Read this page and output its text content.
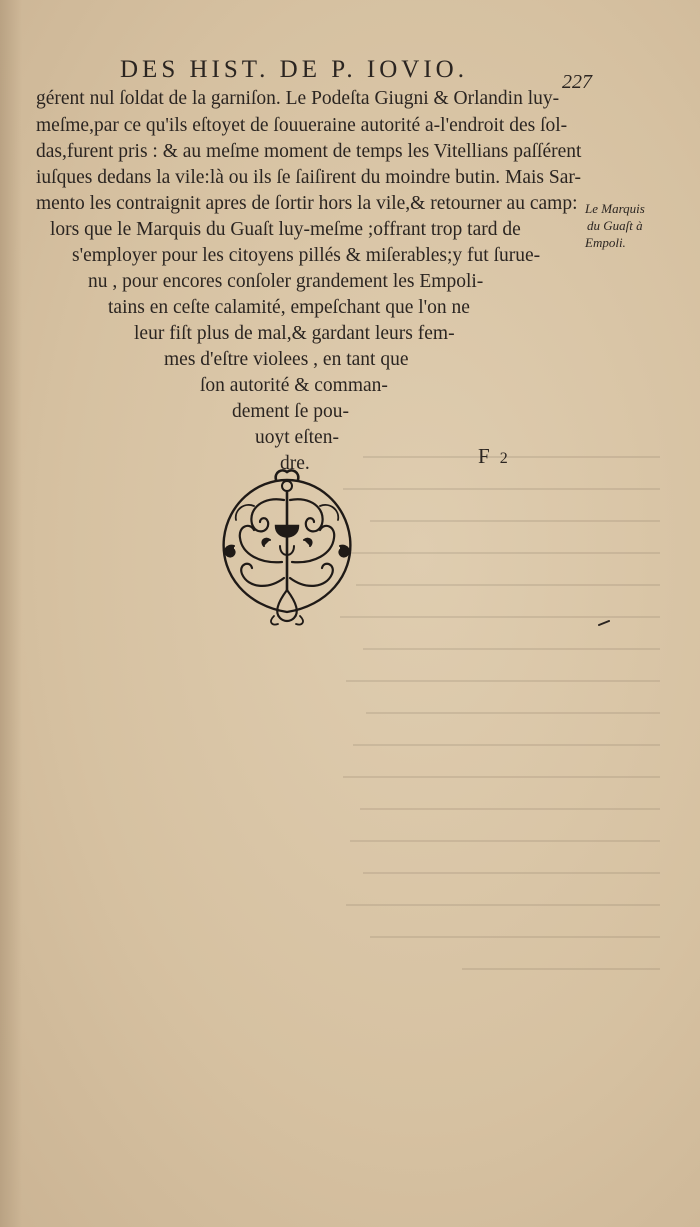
DES HIST. DE P. IOVIO.	227
gérent nul ſoldat de la garniſon. Le Podeſta Giugni & Orlandin luy-
meſme,par ce qu'ils eſtoyet de ſouueraine autorité a-l'endroit des ſol-
das,furent pris : & au meſme moment de temps les Vitellians paſſérent
iuſques dedans la vile:là ou ils ſe ſaiſirent du moindre butin. Mais Sar-
mento les contraignit apres de ſortir hors la vile,& retourner au camp:
lors que le Marquis du Guaſt luy-meſme ;offrant trop tard de
s'employer pour les citoyens pillés & miſerables;y fut ſurue-
nu , pour encores conſoler grandement les Empoli-
tains en ceſte calamité, empeſchant que l'on ne
leur fiſt plus de mal,& gardant leurs fem-
mes d'eſtre violees , en tant que
ſon autorité & comman-
dement ſe pou-
uoyt eſten-
dre.
Le Marquis
du Guaſt à
Empoli.
F 2
